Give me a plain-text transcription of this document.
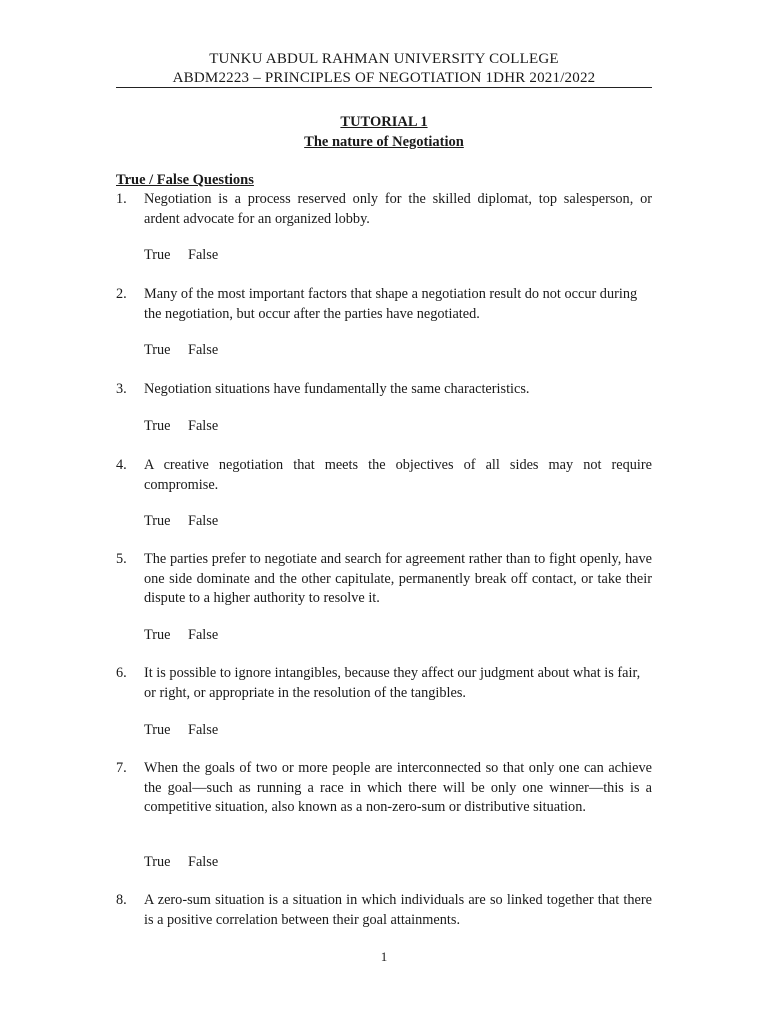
TUNKU ABDUL RAHMAN UNIVERSITY COLLEGE
ABDM2223 – PRINCIPLES OF NEGOTIATION 1DHR 2021/2022
TUTORIAL 1
The nature of Negotiation
True / False Questions
1. Negotiation is a process reserved only for the skilled diplomat, top salesperson, or ardent advocate for an organized lobby.
True False
2. Many of the most important factors that shape a negotiation result do not occur during the negotiation, but occur after the parties have negotiated.
True False
3. Negotiation situations have fundamentally the same characteristics.
True False
4. A creative negotiation that meets the objectives of all sides may not require compromise.
True False
5. The parties prefer to negotiate and search for agreement rather than to fight openly, have one side dominate and the other capitulate, permanently break off contact, or take their dispute to a higher authority to resolve it.
True False
6. It is possible to ignore intangibles, because they affect our judgment about what is fair, or right, or appropriate in the resolution of the tangibles.
True False
7. When the goals of two or more people are interconnected so that only one can achieve the goal—such as running a race in which there will be only one winner—this is a competitive situation, also known as a non-zero-sum or distributive situation.
True False
8. A zero-sum situation is a situation in which individuals are so linked together that there is a positive correlation between their goal attainments.
1
